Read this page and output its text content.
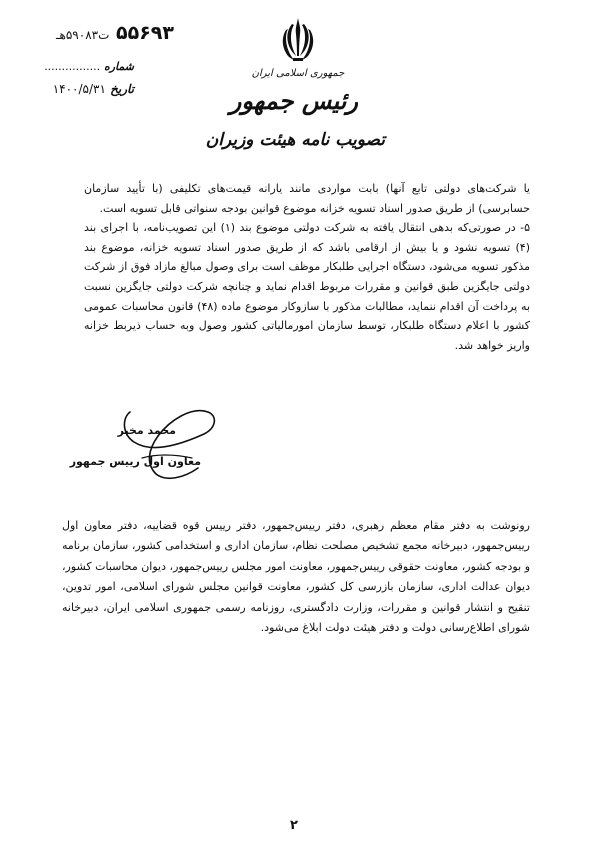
۵۵۶۹۳ ت۵۹۰۸۳هـ
شماره ................
تاریخ ۱۴۰۰/۵/۳۱
جمهوری اسلامی ایران
رئیس جمهور
تصویب نامه هیئت وزیران

یا شرکت‌های دولتی تابع آنها) بابت مواردی مانند یارانه قیمت‌های تکلیفی (با تأیید سازمان حسابرسی) از طریق صدور اسناد تسویه خزانه موضوع قوانین بودجه سنواتی قابل تسویه است.

۵- در صورتی‌که بدهی انتقال یافته به شرکت دولتی موضوع بند (۱) این تصویب‌نامه، با اجرای بند (۴) تسویه نشود و یا بیش از ارقامی باشد که از طریق صدور اسناد تسویه خزانه، موضوع بند مذکور تسویه می‌شود، دستگاه اجرایی طلبکار موظف است برای وصول مبالغ مازاد فوق از شرکت دولتی جایگزین طبق قوانین و مقررات مربوط اقدام نماید و چنانچه شرکت دولتی جایگزین نسبت به پرداخت آن اقدام ننماید، مطالبات مذکور با سازوکار موضوع ماده (۴۸) قانون محاسبات عمومی کشور با اعلام دستگاه طلبکار، توسط سازمان امورمالیاتی کشور وصول وبه حساب ذیربط خزانه واریز خواهد شد.

محمد مخبر
معاون اول رییس جمهور

رونوشت به دفتر مقام معظم رهبری، دفتر رییس‌جمهور، دفتر رییس قوه قضاییه، دفتر معاون اول رییس‌جمهور، دبیرخانه مجمع تشخیص مصلحت نظام، سازمان اداری و استخدامی کشور، سازمان برنامه و بودجه کشور، معاونت حقوقی رییس‌جمهور، معاونت امور مجلس رییس‌جمهور، دیوان محاسبات کشور، دیوان عدالت اداری، سازمان بازرسی کل کشور، معاونت قوانین مجلس شورای اسلامی، امور تدوین، تنقیح و انتشار قوانین و مقررات، وزارت دادگستری، روزنامه رسمی جمهوری اسلامی ایران، دبیرخانه شورای اطلاع‌رسانی دولت و دفتر هیئت دولت ابلاغ می‌شود.

۲
